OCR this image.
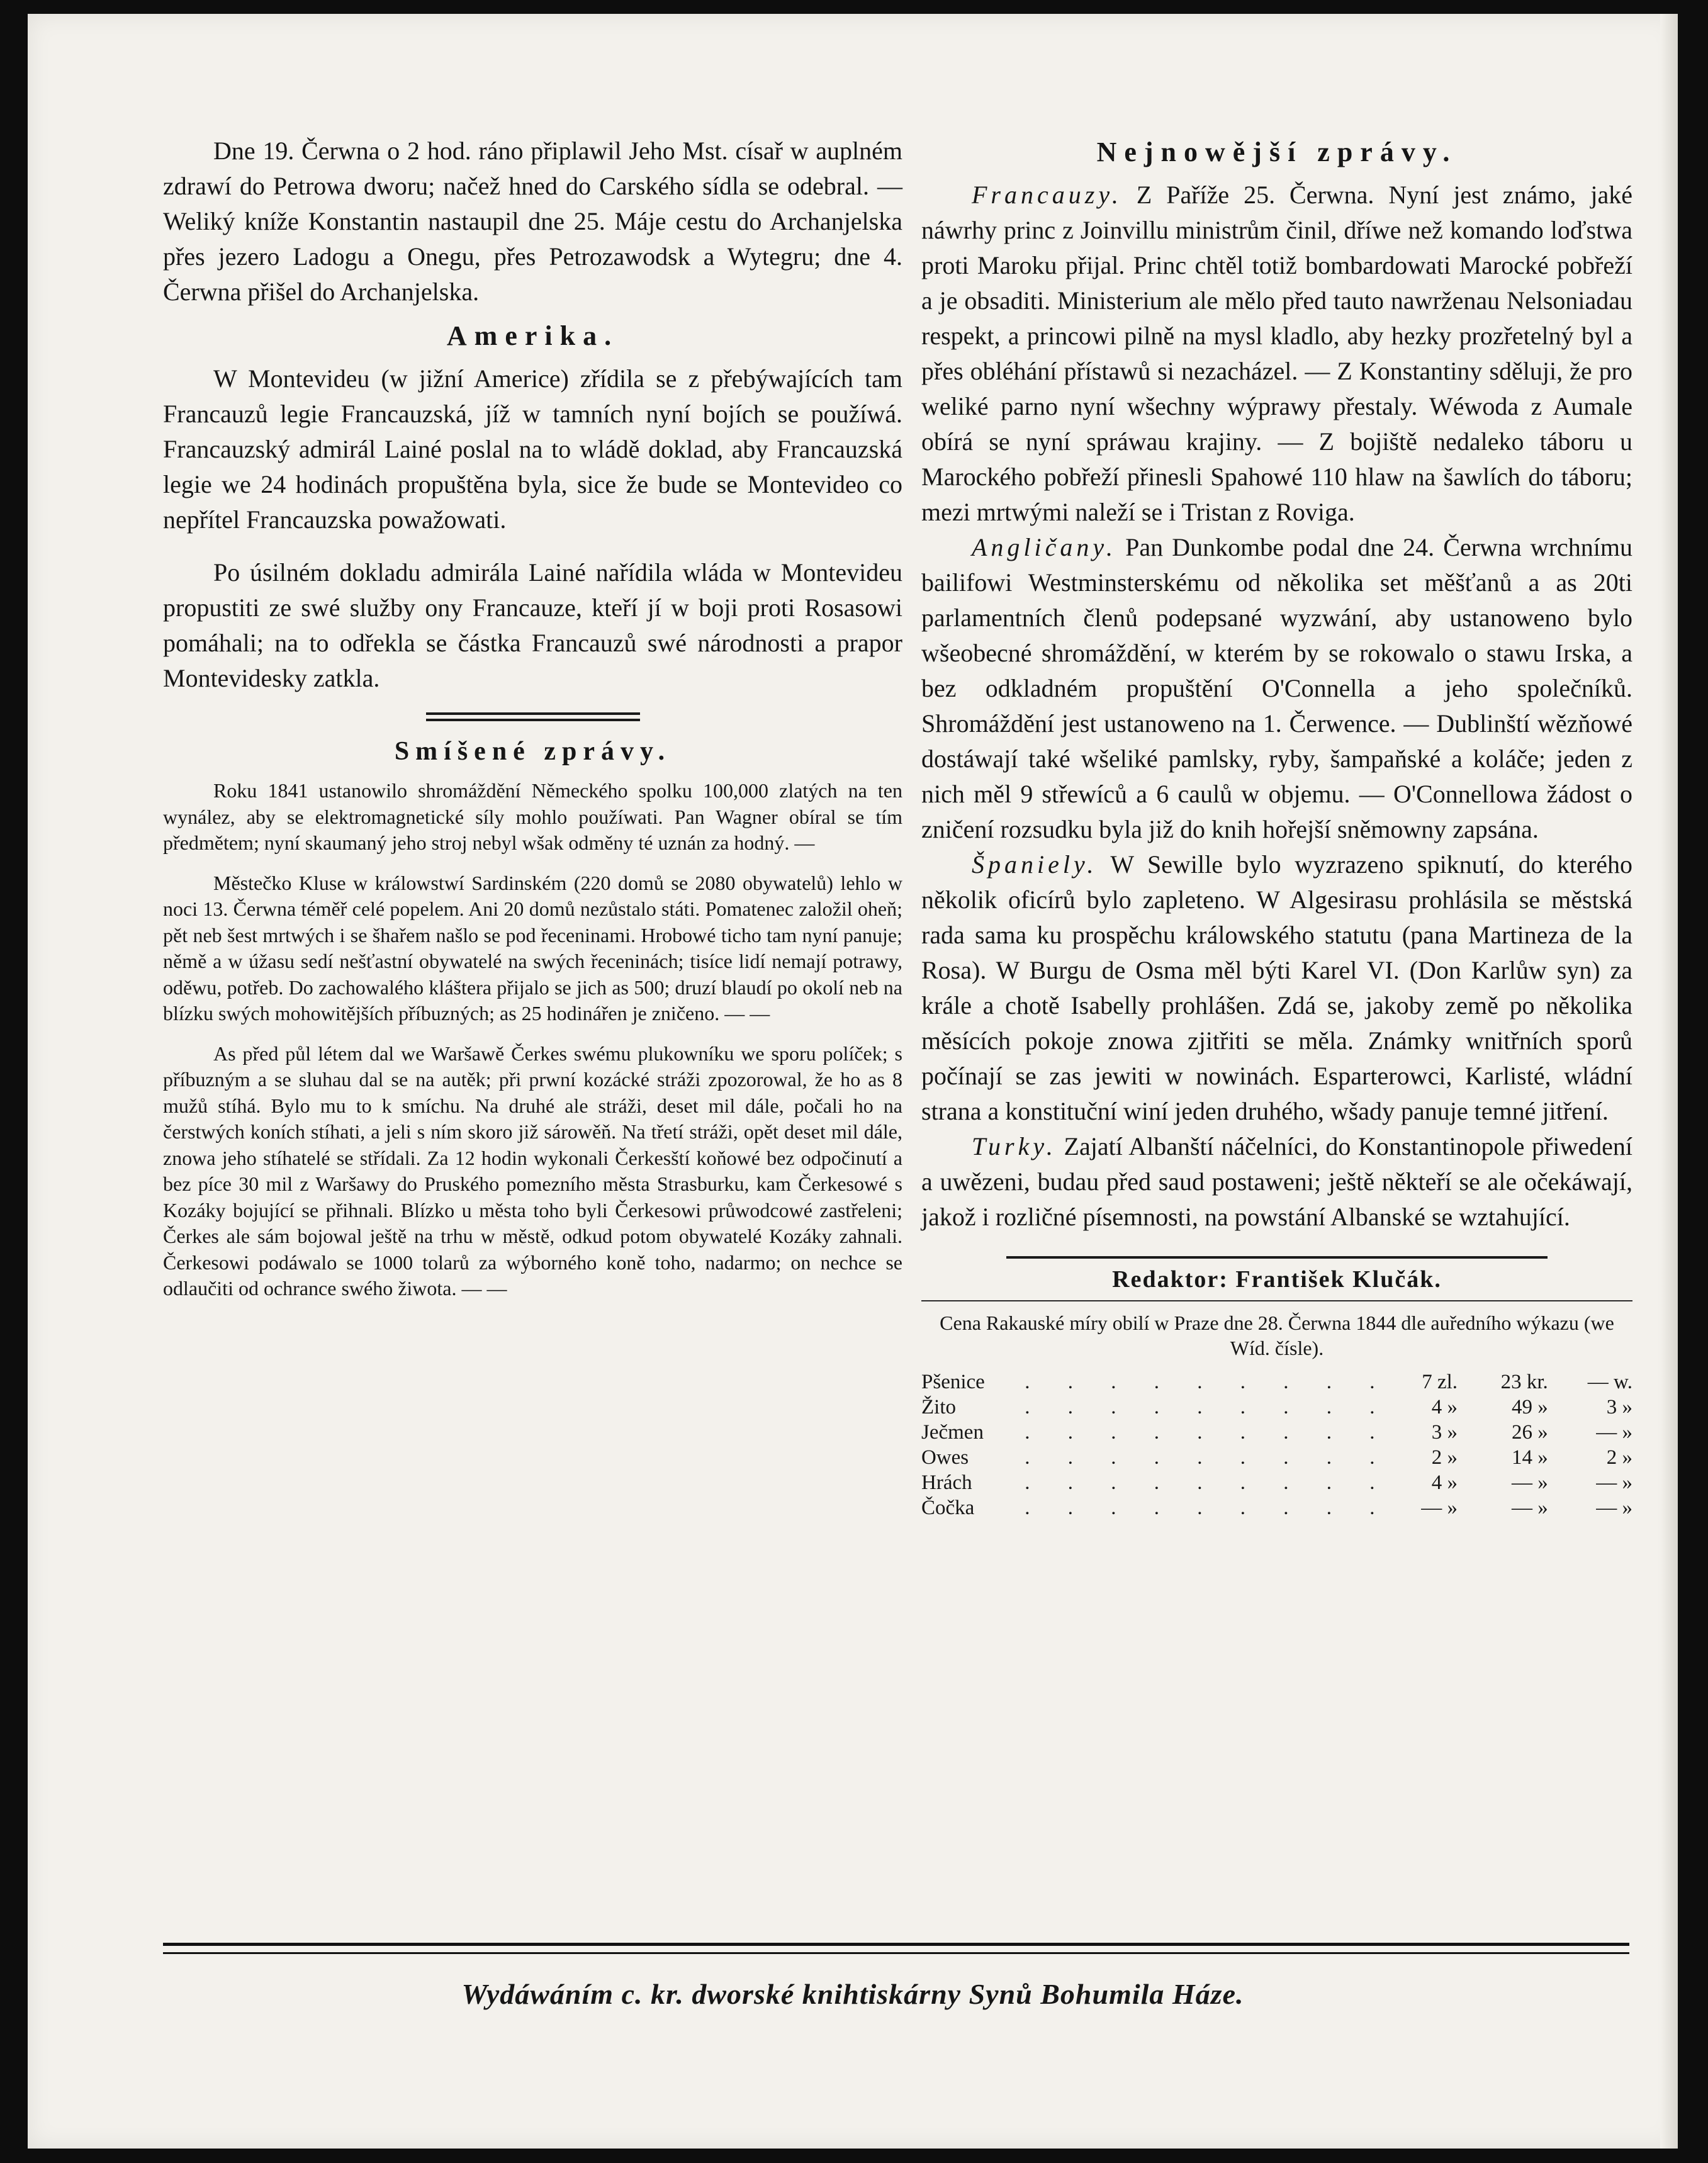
Dne 19. Čerwna o 2 hod. ráno připlawil Jeho Mst. císař w auplném zdrawí do Petrowa dworu; načež hned do Carského sídla se odebral. — Weliký kníže Konstantin nastaupil dne 25. Máje cestu do Archanjelska přes jezero Ladogu a Onegu, přes Petrozawodsk a Wytegru; dne 4. Čerwna přišel do Archanjelska.

Amerika.

W Montevideu (w jižní Americe) zřídila se z přebýwajících tam Francauzů legie Francauzská, jíž w tamních nyní bojích se použíwá. Francauzský admirál Lainé poslal na to wládě doklad, aby Francauzská legie we 24 hodinách propuštěna byla, sice že bude se Montevideo co nepřítel Francauzska powažowati.

Po úsilném dokladu admirála Lainé nařídila wláda w Montevideu propustiti ze swé služby ony Francauze, kteří jí w boji proti Rosasowi pomáhali; na to odřekla se částka Francauzů swé národnosti a prapor Montevidesky zatkla.

Smíšené zprávy.

Roku 1841 ustanowilo shromáždění Německého spolku 100,000 zlatých na ten wynález, aby se elektromagnetické síly mohlo použíwati. Pan Wagner obíral se tím předmětem; nyní skaumaný jeho stroj nebyl wšak odměny té uznán za hodný. —

Městečko Kluse w králowstwí Sardinském (220 domů se 2080 obywatelů) lehlo w noci 13. Čerwna téměř celé popelem. Ani 20 domů nezůstalo státi. Pomatenec založil oheň; pět neb šest mrtwých i se šhařem našlo se pod řeceninami. Hrobowé ticho tam nyní panuje; němě a w úžasu sedí nešťastní obywatelé na swých řeceninách; tisíce lidí nemají potrawy, oděwu, potřeb. Do zachowalého kláštera přijalo se jich as 500; druzí blaudí po okolí neb na blízku swých mohowitějších příbuzných; as 25 hodinářen je zničeno. — —

As před půl létem dal we Waršawě Čerkes swému plukowníku we sporu políček; s příbuzným a se sluhau dal se na autěk; při prwní kozácké stráži zpozorowal, že ho as 8 mužů stíhá. Bylo mu to k smíchu. Na druhé ale stráži, deset mil dále, počali ho na čerstwých koních stíhati, a jeli s ním skoro již sárowěň. Na třetí stráži, opět deset mil dále, znowa jeho stíhatelé se střídali. Za 12 hodin wykonali Čerkesští koňowé bez odpočinutí a bez píce 30 mil z Waršawy do Pruského pomezního města Strasburku, kam Čerkesowé s Kozáky bojující se přihnali. Blízko u města toho byli Čerkesowi průwodcowé zastřeleni; Čerkes ale sám bojowal ještě na trhu w městě, odkud potom obywatelé Kozáky zahnali. Čerkesowi podáwalo se 1000 tolarů za wýborného koně toho, nadarmo; on nechce se odlaučiti od ochrance swého žiwota. — —

Nejnowější zprávy.

Francauzy. Z Paříže 25. Čerwna. Nyní jest známo, jaké náwrhy princ z Joinvillu ministrům činil, dříwe než komando loďstwa proti Maroku přijal. Princ chtěl totiž bombardowati Marocké pobřeží a je obsaditi. Ministerium ale mělo před tauto nawrženau Nelsoniadau respekt, a princowi pilně na mysl kladlo, aby hezky prozřetelný byl a přes obléhání přístawů si nezacházel. — Z Konstantiny sděluji, že pro weliké parno nyní wšechny wýprawy přestaly. Wéwoda z Aumale obírá se nyní spráwau krajiny. — Z bojiště nedaleko táboru u Marockého pobřeží přinesli Spahowé 110 hlaw na šawlích do táboru; mezi mrtwými naleží se i Tristan z Roviga.

Angličany. Pan Dunkombe podal dne 24. Čerwna wrchnímu bailifowi Westminsterskému od několika set měšťanů a as 20ti parlamentních členů podepsané wyzwání, aby ustanoweno bylo wšeobecné shromáždění, w kterém by se rokowalo o stawu Irska, a bez odkladném propuštění O'Connella a jeho společníků. Shromáždění jest ustanoweno na 1. Čerwence. — Dublinští wězňowé dostáwají také wšeliké pamlsky, ryby, šampaňské a koláče; jeden z nich měl 9 střewíců a 6 caulů w objemu. — O'Connellowa žádost o zničení rozsudku byla již do knih hořejší sněmowny zapsána.

Španiely. W Sewille bylo wyzrazeno spiknutí, do kterého několik oficírů bylo zapleteno. W Algesirasu prohlásila se městská rada sama ku prospěchu králowského statutu (pana Martineza de la Rosa). W Burgu de Osma měl býti Karel VI. (Don Karlůw syn) za krále a chotě Isabelly prohlášen. Zdá se, jakoby země po několika měsících pokoje znowa zjitřiti se měla. Známky wnitřních sporů počínají se zas jewiti w nowinách. Esparterowci, Karlisté, wládní strana a konstituční winí jeden druhého, wšady panuje temné jitření.

Turky. Zajatí Albanští náčelníci, do Konstantinopole přiwedení a uwězeni, budau před saud postaweni; ještě někteří se ale očekáwají, jakož i rozličné písemnosti, na powstání Albanské se wztahující.

Redaktor: František Klučák.
Cena Rakauské míry obilí w Praze dne 28. Čerwna 1844 dle auředního wýkazu (we Wíd. čísle).
Pšenice	. . . . . . . . .	7 zl.	23 kr.	— w.
Žito	. . . . . . . . .	4 »	49 »	3 »
Ječmen	. . . . . . . . .	3 »	26 »	— »
Owes	. . . . . . . . .	2 »	14 »	2 »
Hrách	. . . . . . . . .	4 »	— »	— »
Čočka	. . . . . . . . .	— »	— »	— »
Wydáwáním c. kr. dworské knihtiskárny Synů Bohumila Háze.
